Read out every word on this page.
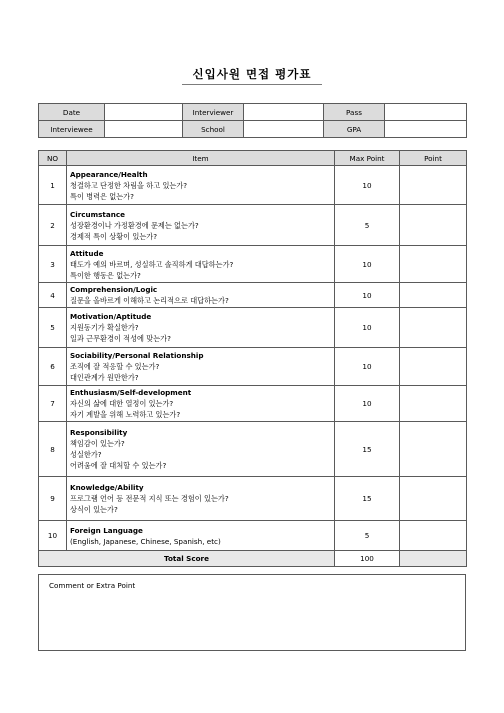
신입사원 면접 평가표
Date		Interviewer		Pass	
Interviewee		School		GPA	
NO	Item	Max Point	Point
1	Appearance/Health
청결하고 단정한 차림을 하고 있는가?
특이 병력은 없는가?	10	
2	Circumstance
성장환경이나 가정환경에 문제는 없는가?
경제적 특이 상황이 있는가?	5	
3	Attitude
태도가 예의 바르며, 성실하고 솔직하게 대답하는가?
특이한 행동은 없는가?	10	
4	Comprehension/Logic
질문을 올바르게 이해하고 논리적으로 대답하는가?	10	
5	Motivation/Aptitude
지원동기가 확실한가?
일과 근무환경이 적성에 맞는가?	10	
6	Sociability/Personal Relationship
조직에 잘 적응할 수 있는가?
대인관계가 원만한가?	10	
7	Enthusiasm/Self-development
자신의 삶에 대한 열정이 있는가?
자기 계발을 위해 노력하고 있는가?	10	
8	Responsibility
책임감이 있는가?
성실한가?
어려움에 잘 대처할 수 있는가?	15	
9	Knowledge/Ability
프로그램 언어 등 전문적 지식 또는 경험이 있는가?
상식이 있는가?	15	
10	Foreign Language
(English, Japanese, Chinese, Spanish, etc)	5	
Total Score		100	
Comment or Extra Point
